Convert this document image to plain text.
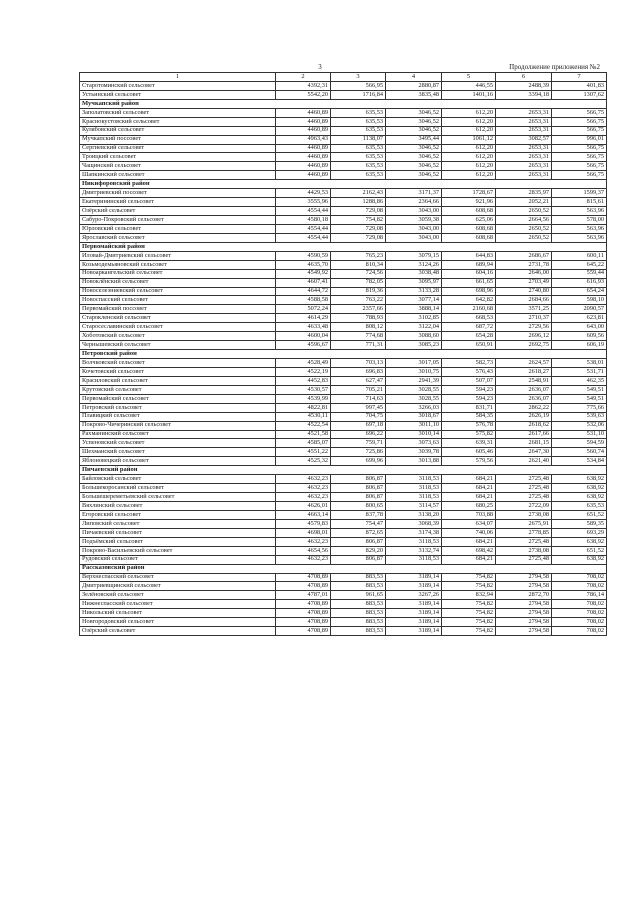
3	Продолжение приложения №2
1	2	3	4	5	6	7
Старотоминский сельсовет	4392,31	566,95	2880,87	446,55	2488,39	401,83
Устьинский сельсовет	5542,20	1716,84	3835,48	1401,16	3394,18	1307,62
Мучкапский район						
Заполатовский сельсовет	4460,89	635,53	3046,52	612,20	2653,31	566,75
Краснокустовский сельсовет	4460,89	635,53	3046,52	612,20	2653,31	566,75
Кулябовский сельсовет	4460,89	635,53	3046,52	612,20	2653,31	566,75
Мучкапский поссовет	4963,43	1138,07	3495,44	1061,12	3082,57	996,01
Сергиевский сельсовет	4460,89	635,53	3046,52	612,20	2653,31	566,75
Троицкий сельсовет	4460,89	635,53	3046,52	612,20	2653,31	566,75
Чащинский сельсовет	4460,89	635,53	3046,52	612,20	2653,31	566,75
Шапкинский сельсовет	4460,89	635,53	3046,52	612,20	2653,31	566,75
Никифоровский район						
Дмитриевский поссовет	4429,53	2162,43	3171,37	1728,67	2835,97	1599,37
Екатерининский сельсовет	3555,96	1288,86	2364,66	921,96	2052,21	815,61
Озёрский сельсовет	4554,44	729,08	3043,00	608,68	2650,52	563,96
Сабуро-Покровский сельсовет	4580,18	754,82	3059,38	625,06	2664,56	578,00
Юрловский сельсовет	4554,44	729,08	3043,00	608,68	2650,52	563,96
Ярославский сельсовет	4554,44	729,08	3043,00	608,68	2650,52	563,96
Первомайский район						
Иловай-Дмитриевский сельсовет	4590,59	765,23	3079,15	644,83	2686,67	600,11
Козьмодемьяновский сельсовет	4635,70	810,34	3124,26	689,94	2731,78	645,22
Новоаркангельский сельсовет	4549,92	724,56	3038,48	604,16	2646,00	559,44
Новоклёнский сельсовет	4607,41	782,05	3095,97	661,65	2703,49	616,93
Новоселезниевский сельсовет	4644,72	819,36	3133,28	698,96	2740,80	654,24
Новоспасский сельсовет	4588,58	763,22	3077,14	642,82	2684,66	598,10
Первомайский поссовет	5072,24	2357,66	3888,14	2160,68	3571,25	2090,57
Старокленский сельсовет	4614,29	788,93	3102,85	668,53	2710,37	623,81
Старосеславинский сельсовет	4633,48	808,12	3122,04	687,72	2729,56	643,00
Хоботовский сельсовет	4600,04	774,68	3088,60	654,28	2696,12	609,56
Чернышевский сельсовет	4596,67	771,31	3085,23	650,91	2692,75	606,19
Петровский район						
Волчковский сельсовет	4528,49	703,13	3017,05	582,73	2624,57	538,01
Кочетовский сельсовет	4522,19	696,83	3010,75	576,43	2618,27	531,71
Красиловский сельсовет	4452,83	627,47	2941,39	507,07	2548,91	462,35
Крутовский сельсовет	4530,57	705,21	3028,55	594,23	2636,07	549,51
Первомайский сельсовет	4539,99	714,63	3028,55	594,23	2636,07	549,51
Петровский сельсовет	4822,81	997,45	3266,03	831,71	2862,22	775,66
Плавицкий сельсовет	4530,11	704,75	3018,67	584,35	2626,19	539,63
Покрово-Чичеринский сельсовет	4522,54	697,18	3011,10	576,78	2618,62	532,06
Рахманинский сельсовет	4521,58	696,22	3010,14	575,82	2617,66	531,10
Успеновский сельсовет	4585,07	759,71	3073,63	639,31	2681,15	594,59
Шехманский сельсовет	4551,22	725,86	3039,78	605,46	2647,30	560,74
Яблоновецкий сельсовет	4525,32	699,96	3013,88	579,56	2621,40	534,84
Пичаевский район						
Байловский сельсовет	4632,23	806,87	3118,53	684,21	2725,48	638,92
Большекоросанский сельсовет	4632,23	806,87	3118,53	684,21	2725,48	638,92
Большешереметьевский сельсовет	4632,23	806,87	3118,53	684,21	2725,48	638,92
Вяхлинский сельсовет	4626,01	800,65	3114,57	680,25	2722,09	635,53
Егоровский сельсовет	4663,14	837,78	3138,20	703,88	2738,08	651,52
Липовский сельсовет	4579,83	754,47	3068,39	634,07	2675,91	589,35
Пичаевский сельсовет	4698,01	872,65	3174,38	740,06	2778,85	693,29
Подъёмский сельсовет	4632,23	806,87	3118,53	684,21	2725,48	638,92
Покрово-Васильевский сельсовет	4654,56	829,20	3132,74	698,42	2738,08	651,52
Рудовский сельсовет	4632,23	806,87	3118,53	684,21	2725,48	638,92
Рассказовский район						
Верхнеспасский сельсовет	4708,89	883,53	3189,14	754,82	2794,58	708,02
Дмитриевщинский сельсовет	4708,89	883,53	3189,14	754,82	2794,58	708,02
Зелёновский сельсовет	4787,01	961,65	3267,26	832,94	2872,70	786,14
Нижнеспасский сельсовет	4708,89	883,53	3189,14	754,82	2794,58	708,02
Никольский сельсовет	4708,89	883,53	3189,14	754,82	2794,58	708,02
Новгородовский сельсовет	4708,89	883,53	3189,14	754,82	2794,58	708,02
Озёрский сельсовет	4708,89	883,53	3189,14	754,82	2794,58	708,02
